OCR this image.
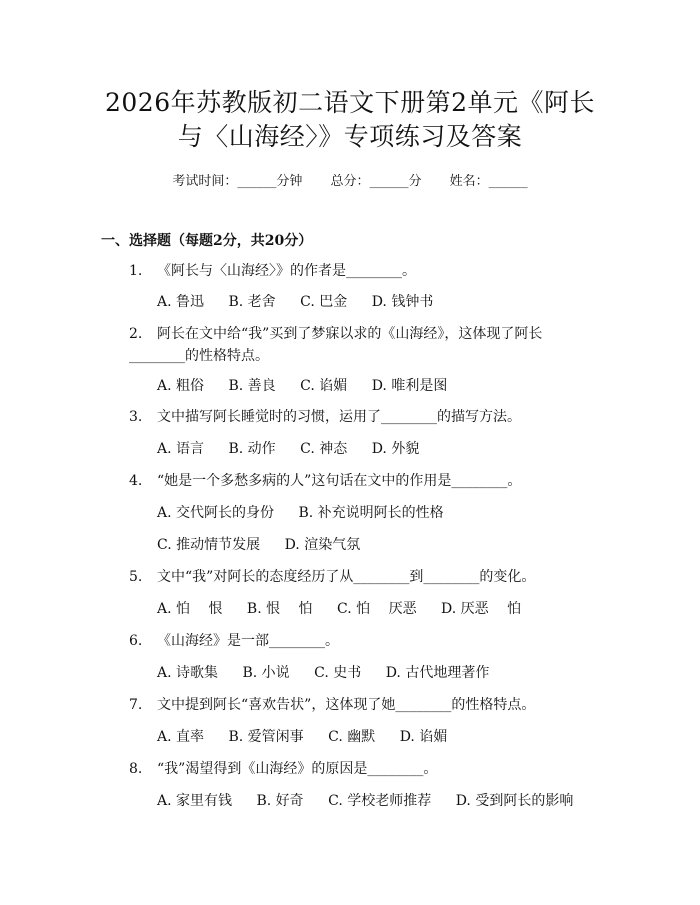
2026年苏教版初二语文下册第2单元《阿长
与〈山海经〉》专项练习及答案
考试时间：______分钟 总分：______分 姓名：______
一、选择题（每题2分，共20分）
1. 《阿长与〈山海经〉》的作者是________。
A. 鲁迅 B. 老舍 C. 巴金 D. 钱钟书
2. 阿长在文中给“我”买到了梦寐以求的《山海经》，这体现了阿长
________的性格特点。
A. 粗俗 B. 善良 C. 谄媚 D. 唯利是图
3. 文中描写阿长睡觉时的习惯，运用了________的描写方法。
A. 语言 B. 动作 C. 神态 D. 外貌
4. “她是一个多愁多病的人”这句话在文中的作用是________。
A. 交代阿长的身份 B. 补充说明阿长的性格
C. 推动情节发展 D. 渲染气氛
5. 文中“我”对阿长的态度经历了从________到________的变化。
A. 怕　 恨 B. 恨　 怕 C. 怕　 厌恶 D. 厌恶　 怕
6. 《山海经》是一部________。
A. 诗歌集 B. 小说 C. 史书 D. 古代地理著作
7. 文中提到阿长“喜欢告状”，这体现了她________的性格特点。
A. 直率 B. 爱管闲事 C. 幽默 D. 谄媚
8. “我”渴望得到《山海经》的原因是________。
A. 家里有钱 B. 好奇 C. 学校老师推荐 D. 受到阿长的影响
